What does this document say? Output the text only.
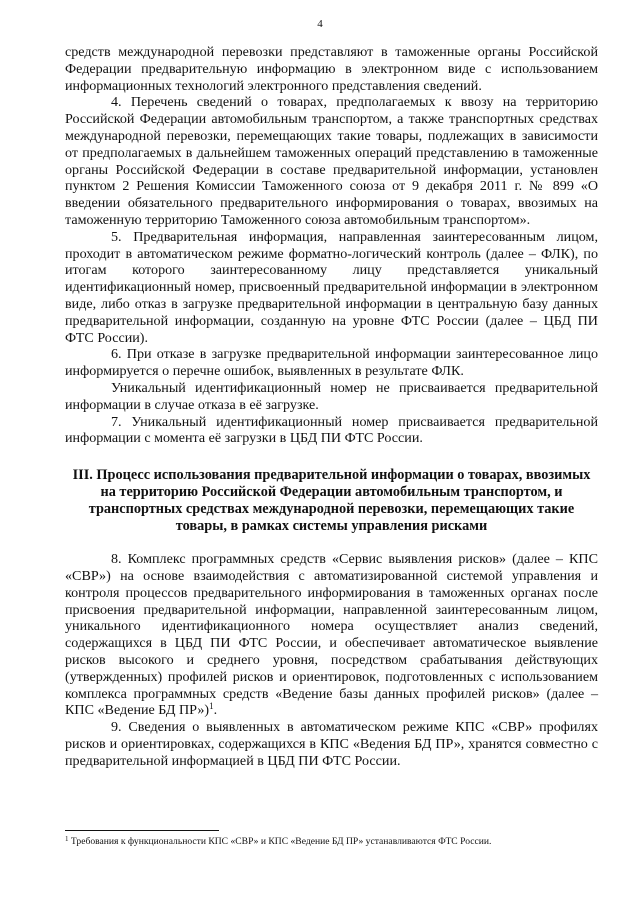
4

средств международной перевозки представляют в таможенные органы Российской Федерации предварительную информацию в электронном виде с использованием информационных технологий электронного представления сведений.

4. Перечень сведений о товарах, предполагаемых к ввозу на территорию Российской Федерации автомобильным транспортом, а также транспортных средствах международной перевозки, перемещающих такие товары, подлежащих в зависимости от предполагаемых в дальнейшем таможенных операций представлению в таможенные органы Российской Федерации в составе предварительной информации, установлен пунктом 2 Решения Комиссии Таможенного союза от 9 декабря 2011 г. № 899 «О введении обязательного предварительного информирования о товарах, ввозимых на таможенную территорию Таможенного союза автомобильным транспортом».

5. Предварительная информация, направленная заинтересованным лицом, проходит в автоматическом режиме форматно-логический контроль (далее – ФЛК), по итогам которого заинтересованному лицу представляется уникальный идентификационный номер, присвоенный предварительной информации в электронном виде, либо отказ в загрузке предварительной информации в центральную базу данных предварительной информации, созданную на уровне ФТС России (далее – ЦБД ПИ ФТС России).

6. При отказе в загрузке предварительной информации заинтересованное лицо информируется о перечне ошибок, выявленных в результате ФЛК.

Уникальный идентификационный номер не присваивается предварительной информации в случае отказа в её загрузке.

7. Уникальный идентификационный номер присваивается предварительной информации с момента её загрузки в ЦБД ПИ ФТС России.

III. Процесс использования предварительной информации о товарах, ввозимых на территорию Российской Федерации автомобильным транспортом, и транспортных средствах международной перевозки, перемещающих такие товары, в рамках системы управления рисками

8. Комплекс программных средств «Сервис выявления рисков» (далее – КПС «СВР») на основе взаимодействия с автоматизированной системой управления и контроля процессов предварительного информирования в таможенных органах после присвоения предварительной информации, направленной заинтересованным лицом, уникального идентификационного номера осуществляет анализ сведений, содержащихся в ЦБД ПИ ФТС России, и обеспечивает автоматическое выявление рисков высокого и среднего уровня, посредством срабатывания действующих (утвержденных) профилей рисков и ориентировок, подготовленных с использованием комплекса программных средств «Ведение базы данных профилей рисков» (далее – КПС «Ведение БД ПР»)$^1$.

9. Сведения о выявленных в автоматическом режиме КПС «СВР» профилях рисков и ориентировках, содержащихся в КПС «Ведения БД ПР», хранятся совместно с предварительной информацией в ЦБД ПИ ФТС России.

$^1$ Требования к функциональности КПС «СВР» и КПС «Ведение БД ПР» устанавливаются ФТС России.
